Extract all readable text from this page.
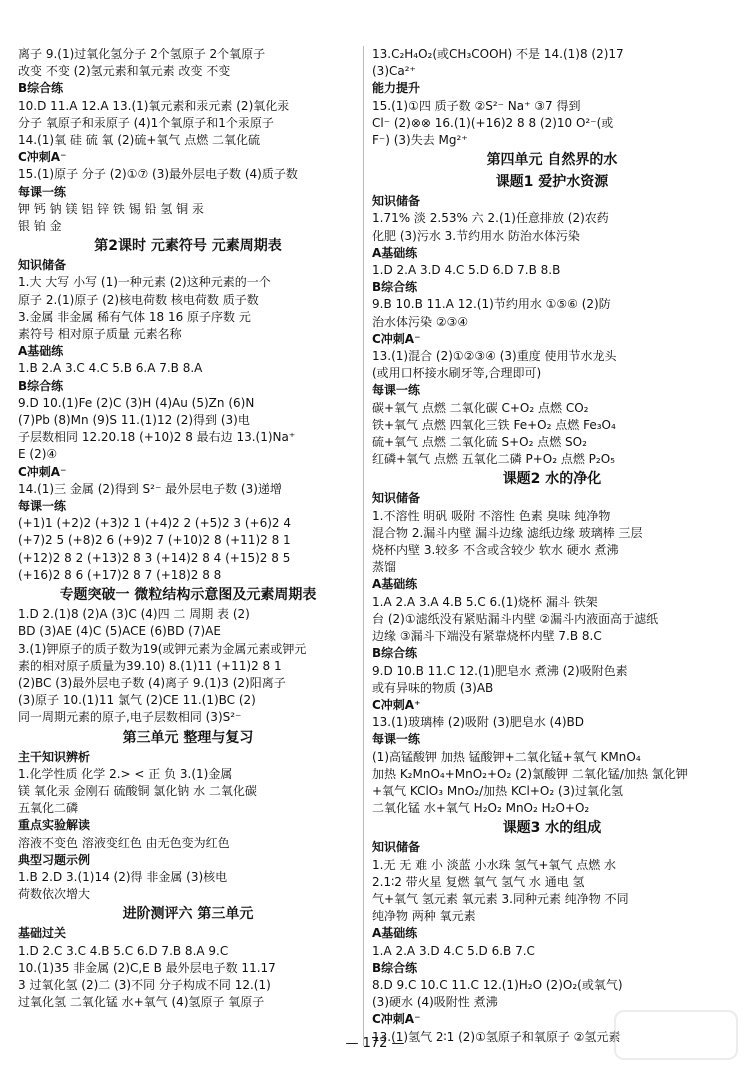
离子 9.(1)过氧化氢分子 2个氢原子 2个氧原子
改变 不变 (2)氢元素和氧元素 改变 不变
B综合练
10.D 11.A 12.A 13.(1)氧元素和汞元素 (2)氧化汞
分子 氧原子和汞原子 (4)1个氧原子和1个汞原子
14.(1)氧 硅 硫 氧 (2)硫+氧气 点燃 二氧化硫
C冲刺A⁻
15.(1)原子 分子 (2)①⑦ (3)最外层电子数 (4)质子数
每课一练
钾 钙 钠 镁 铝 锌 铁 锡 铅 氢 铜 汞
银 铂 金
第2课时 元素符号 元素周期表
知识储备
1.大 大写 小写 (1)一种元素 (2)这种元素的一个
原子 2.(1)原子 (2)核电荷数 核电荷数 质子数
3.金属 非金属 稀有气体 18 16 原子序数 元
素符号 相对原子质量 元素名称
A基础练
1.B 2.A 3.C 4.C 5.B 6.A 7.B 8.A
B综合练
9.D 10.(1)Fe (2)C (3)H (4)Au (5)Zn (6)N
(7)Pb (8)Mn (9)S 11.(1)12 (2)得到 (3)电
子层数相同 12.20.18 (+10)2 8 最右边 13.(1)Na⁺
E (2)④
C冲刺A⁻
14.(1)三 金属 (2)得到 S²⁻ 最外层电子数 (3)递增
每课一练
(+1)1 (+2)2 (+3)2 1 (+4)2 2 (+5)2 3 (+6)2 4
(+7)2 5 (+8)2 6 (+9)2 7 (+10)2 8 (+11)2 8 1
(+12)2 8 2 (+13)2 8 3 (+14)2 8 4 (+15)2 8 5
(+16)2 8 6 (+17)2 8 7 (+18)2 8 8
专题突破一 微粒结构示意图及元素周期表
1.D 2.(1)8 (2)A (3)C (4)四 二 周期 表 (2)
BD (3)AE (4)C (5)ACE (6)BD (7)AE
3.(1)钾原子的质子数为19(或钾元素为金属元素或钾元
素的相对原子质量为39.10) 8.(1)11 (+11)2 8 1
(2)BC (3)最外层电子数 (4)离子 9.(1)3 (2)阳离子
(3)原子 10.(1)11 氯气 (2)CE 11.(1)BC (2)
同一周期元素的原子,电子层数相同 (3)S²⁻
第三单元 整理与复习
主干知识辨析
1.化学性质 化学 2.> < 正 负 3.(1)金属
镁 氧化汞 金刚石 硫酸铜 氯化钠 水 二氧化碳
五氧化二磷
重点实验解读
溶液不变色 溶液变红色 由无色变为红色
典型习题示例
1.B 2.D 3.(1)14 (2)得 非金属 (3)核电
荷数依次增大
进阶测评六 第三单元
基础过关
1.D 2.C 3.C 4.B 5.C 6.D 7.B 8.A 9.C
10.(1)35 非金属 (2)C,E B 最外层电子数 11.17
3 过氧化氢 (2)二 (3)不同 分子构成不同 12.(1)
过氧化氢 二氧化锰 水+氧气 (4)氢原子 氧原子
13.C₂H₄O₂(或CH₃COOH) 不是 14.(1)8 (2)17
(3)Ca²⁺
能力提升
15.(1)①四 质子数 ②S²⁻ Na⁺ ③7 得到
Cl⁻ (2)⊗⊗ 16.(1)(+16)2 8 8 (2)10 O²⁻(或
F⁻) (3)失去 Mg²⁺
第四单元 自然界的水
课题1 爱护水资源
知识储备
1.71% 淡 2.53% 六 2.(1)任意排放 (2)农药
化肥 (3)污水 3.节约用水 防治水体污染
A基础练
1.D 2.A 3.D 4.C 5.D 6.D 7.B 8.B
B综合练
9.B 10.B 11.A 12.(1)节约用水 ①⑤⑥ (2)防
治水体污染 ②③④
C冲刺A⁻
13.(1)混合 (2)①②③④ (3)重度 使用节水龙头
(或用口杯接水刷牙等,合理即可)
每课一练
碳+氧气 点燃 二氧化碳 C+O₂ 点燃 CO₂
铁+氧气 点燃 四氧化三铁 Fe+O₂ 点燃 Fe₃O₄
硫+氧气 点燃 二氧化硫 S+O₂ 点燃 SO₂
红磷+氧气 点燃 五氧化二磷 P+O₂ 点燃 P₂O₅
课题2 水的净化
知识储备
1.不溶性 明矾 吸附 不溶性 色素 臭味 纯净物
混合物 2.漏斗内壁 漏斗边缘 滤纸边缘 玻璃棒 三层
烧杯内壁 3.较多 不含或含较少 软水 硬水 煮沸
蒸馏
A基础练
1.A 2.A 3.A 4.B 5.C 6.(1)烧杯 漏斗 铁架
台 (2)①滤纸没有紧贴漏斗内壁 ②漏斗内液面高于滤纸
边缘 ③漏斗下端没有紧靠烧杯内壁 7.B 8.C
B综合练
9.D 10.B 11.C 12.(1)肥皂水 煮沸 (2)吸附色素
或有异味的物质 (3)AB
C冲刺A⁺
13.(1)玻璃棒 (2)吸附 (3)肥皂水 (4)BD
每课一练
(1)高锰酸钾 加热 锰酸钾+二氧化锰+氧气 KMnO₄
加热 K₂MnO₄+MnO₂+O₂ (2)氯酸钾 二氧化锰/加热 氯化钾
+氧气 KClO₃ MnO₂/加热 KCl+O₂ (3)过氧化氢
二氧化锰 水+氧气 H₂O₂ MnO₂ H₂O+O₂
课题3 水的组成
知识储备
1.无 无 难 小 淡蓝 小水珠 氢气+氧气 点燃 水
2.1∶2 带火星 复燃 氧气 氢气 水 通电 氢
气+氧气 氢元素 氧元素 3.同种元素 纯净物 不同
纯净物 两种 氧元素
A基础练
1.A 2.A 3.D 4.C 5.D 6.B 7.C
B综合练
8.D 9.C 10.C 11.C 12.(1)H₂O (2)O₂(或氧气)
(3)硬水 (4)吸附性 煮沸
C冲刺A⁻
13.(1)氢气 2∶1 (2)①氢原子和氧原子 ②氢元素
— 172 —
